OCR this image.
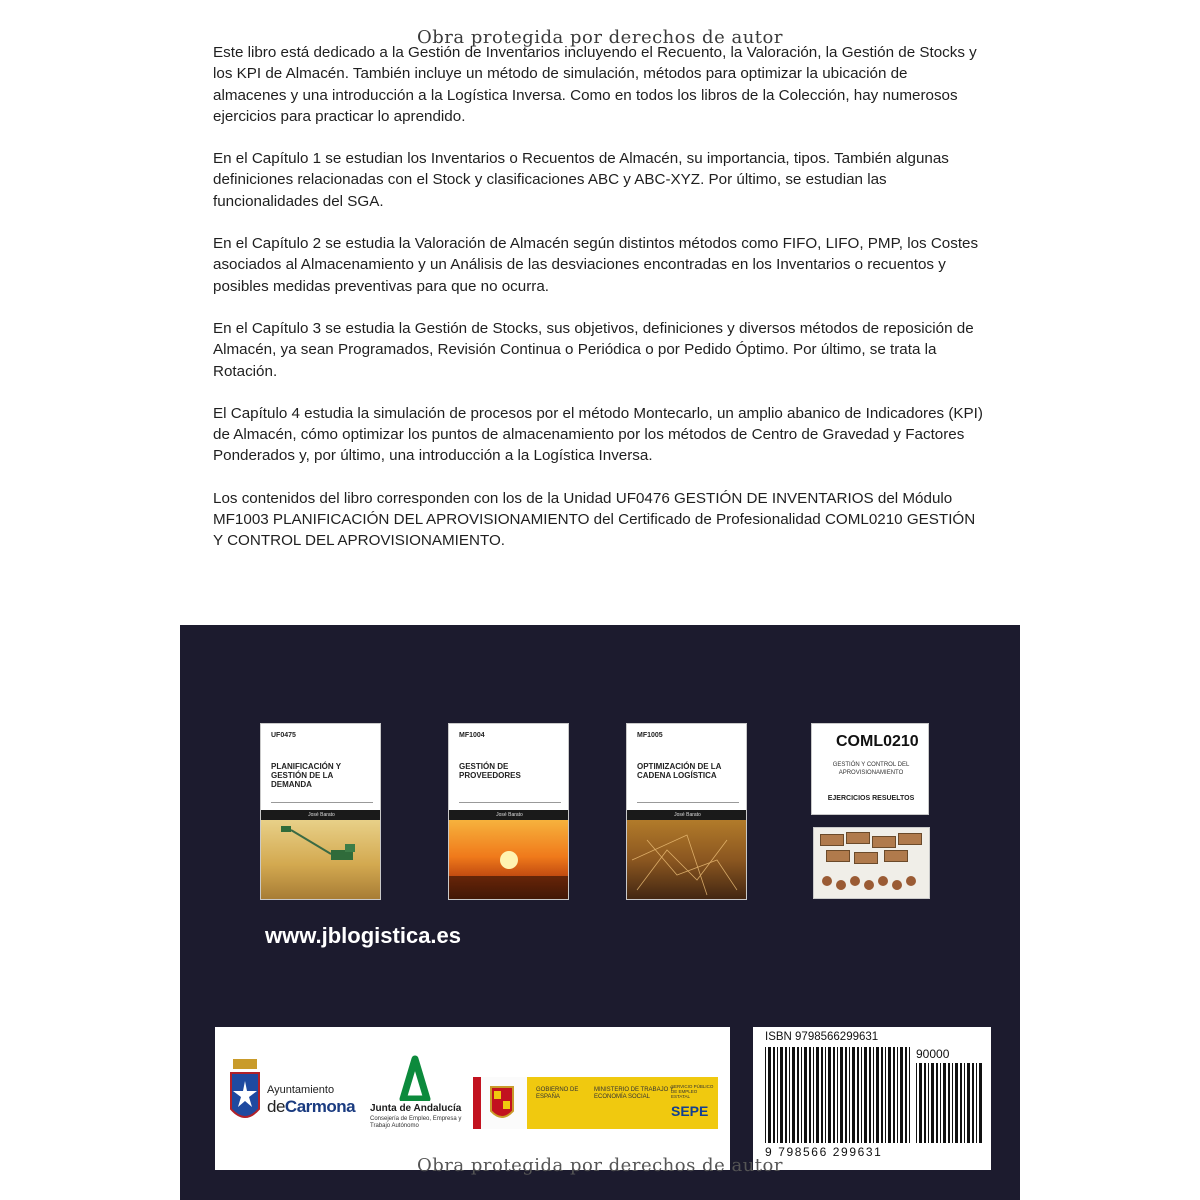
Obra protegida por derechos de autor

Este libro está dedicado a la Gestión de Inventarios incluyendo el Recuento, la Valoración, la Gestión de Stocks y los KPI de Almacén. También incluye un método de simulación, métodos para optimizar la ubicación de almacenes y una introducción a la Logística Inversa. Como en todos los libros de la Colección, hay numerosos ejercicios para practicar lo aprendido.

En el Capítulo 1 se estudian los Inventarios o Recuentos de Almacén, su importancia, tipos. También algunas definiciones relacionadas con el Stock y clasificaciones ABC y ABC-XYZ. Por último, se estudian las funcionalidades del SGA.

En el Capítulo 2 se estudia la Valoración de Almacén según distintos métodos como FIFO, LIFO, PMP, los Costes asociados al Almacenamiento y un Análisis de las desviaciones encontradas en los Inventarios o recuentos y posibles medidas preventivas para que no ocurra.

En el Capítulo 3 se estudia la Gestión de Stocks, sus objetivos, definiciones y diversos métodos de reposición de Almacén, ya sean Programados, Revisión Continua o Periódica o por Pedido Óptimo. Por último, se trata la Rotación.

El Capítulo 4 estudia la simulación de procesos por el método Montecarlo, un amplio abanico de Indicadores (KPI) de Almacén, cómo optimizar los puntos de almacenamiento por los métodos de Centro de Gravedad y Factores Ponderados y, por último, una introducción a la Logística Inversa.

Los contenidos del libro corresponden con los de la Unidad UF0476 GESTIÓN DE INVENTARIOS del Módulo MF1003 PLANIFICACIÓN DEL APROVISIONAMIENTO del Certificado de Profesionalidad COML0210 GESTIÓN Y CONTROL DEL APROVISIONAMIENTO.

UF0475
PLANIFICACIÓN Y GESTIÓN DE LA DEMANDA
José Barato
MF1004
GESTIÓN DE PROVEEDORES
José Barato
MF1005
OPTIMIZACIÓN DE LA CADENA LOGÍSTICA
José Barato
COML0210
GESTIÓN Y CONTROL DEL APROVISIONAMIENTO
EJERCICIOS RESUELTOS
www.jblogistica.es
Ayuntamiento
deCarmona Junta de Andalucía
Consejería de Empleo, Empresa y Trabajo Autónomo
GOBIERNO DE ESPAÑA
MINISTERIO DE TRABAJO Y ECONOMÍA SOCIAL
SERVICIO PÚBLICO DE EMPLEO ESTATAL
SEPE
ISBN 9798566299631
90000
9 798566 299631
Obra protegida por derechos de autor
